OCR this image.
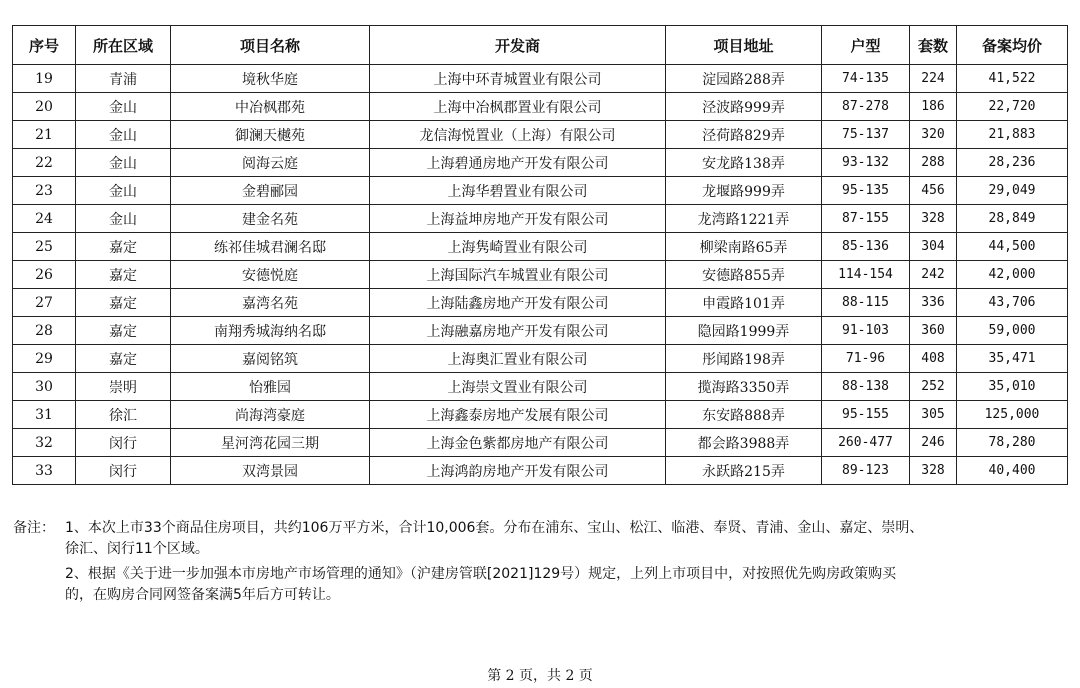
序号	所在区域	项目名称	开发商	项目地址	户型	套数	备案均价
19	青浦	境秋华庭	上海中环青城置业有限公司	淀园路288弄	74-135	224	41,522
20	金山	中冶枫郡苑	上海中冶枫郡置业有限公司	泾波路999弄	87-278	186	22,720
21	金山	御澜天樾苑	龙信海悦置业（上海）有限公司	泾荷路829弄	75-137	320	21,883
22	金山	阅海云庭	上海碧通房地产开发有限公司	安龙路138弄	93-132	288	28,236
23	金山	金碧郦园	上海华碧置业有限公司	龙堰路999弄	95-135	456	29,049
24	金山	建金名苑	上海益坤房地产开发有限公司	龙湾路1221弄	87-155	328	28,849
25	嘉定	练祁佳城君澜名邸	上海隽崎置业有限公司	柳梁南路65弄	85-136	304	44,500
26	嘉定	安德悦庭	上海国际汽车城置业有限公司	安德路855弄	114-154	242	42,000
27	嘉定	嘉湾名苑	上海陆鑫房地产开发有限公司	申霞路101弄	88-115	336	43,706
28	嘉定	南翔秀城海纳名邸	上海融嘉房地产开发有限公司	隐园路1999弄	91-103	360	59,000
29	嘉定	嘉阅铭筑	上海奥汇置业有限公司	彤闻路198弄	71-96	408	35,471
30	崇明	怡雅园	上海崇文置业有限公司	揽海路3350弄	88-138	252	35,010
31	徐汇	尚海湾豪庭	上海鑫泰房地产发展有限公司	东安路888弄	95-155	305	125,000
32	闵行	星河湾花园三期	上海金色紫都房地产有限公司	都会路3988弄	260-477	246	78,280
33	闵行	双湾景园	上海鸿韵房地产开发有限公司	永跃路215弄	89-123	328	40,400
备注： 1、本次上市33个商品住房项目，共约106万平方米，合计10,006套。分布在浦东、宝山、松江、临港、奉贤、青浦、金山、嘉定、崇明、
徐汇、闵行11个区域。
2、根据《关于进一步加强本市房地产市场管理的通知》（沪建房管联[2021]129号）规定，上列上市项目中，对按照优先购房政策购买
的，在购房合同网签备案满5年后方可转让。
第 2 页，共 2 页
